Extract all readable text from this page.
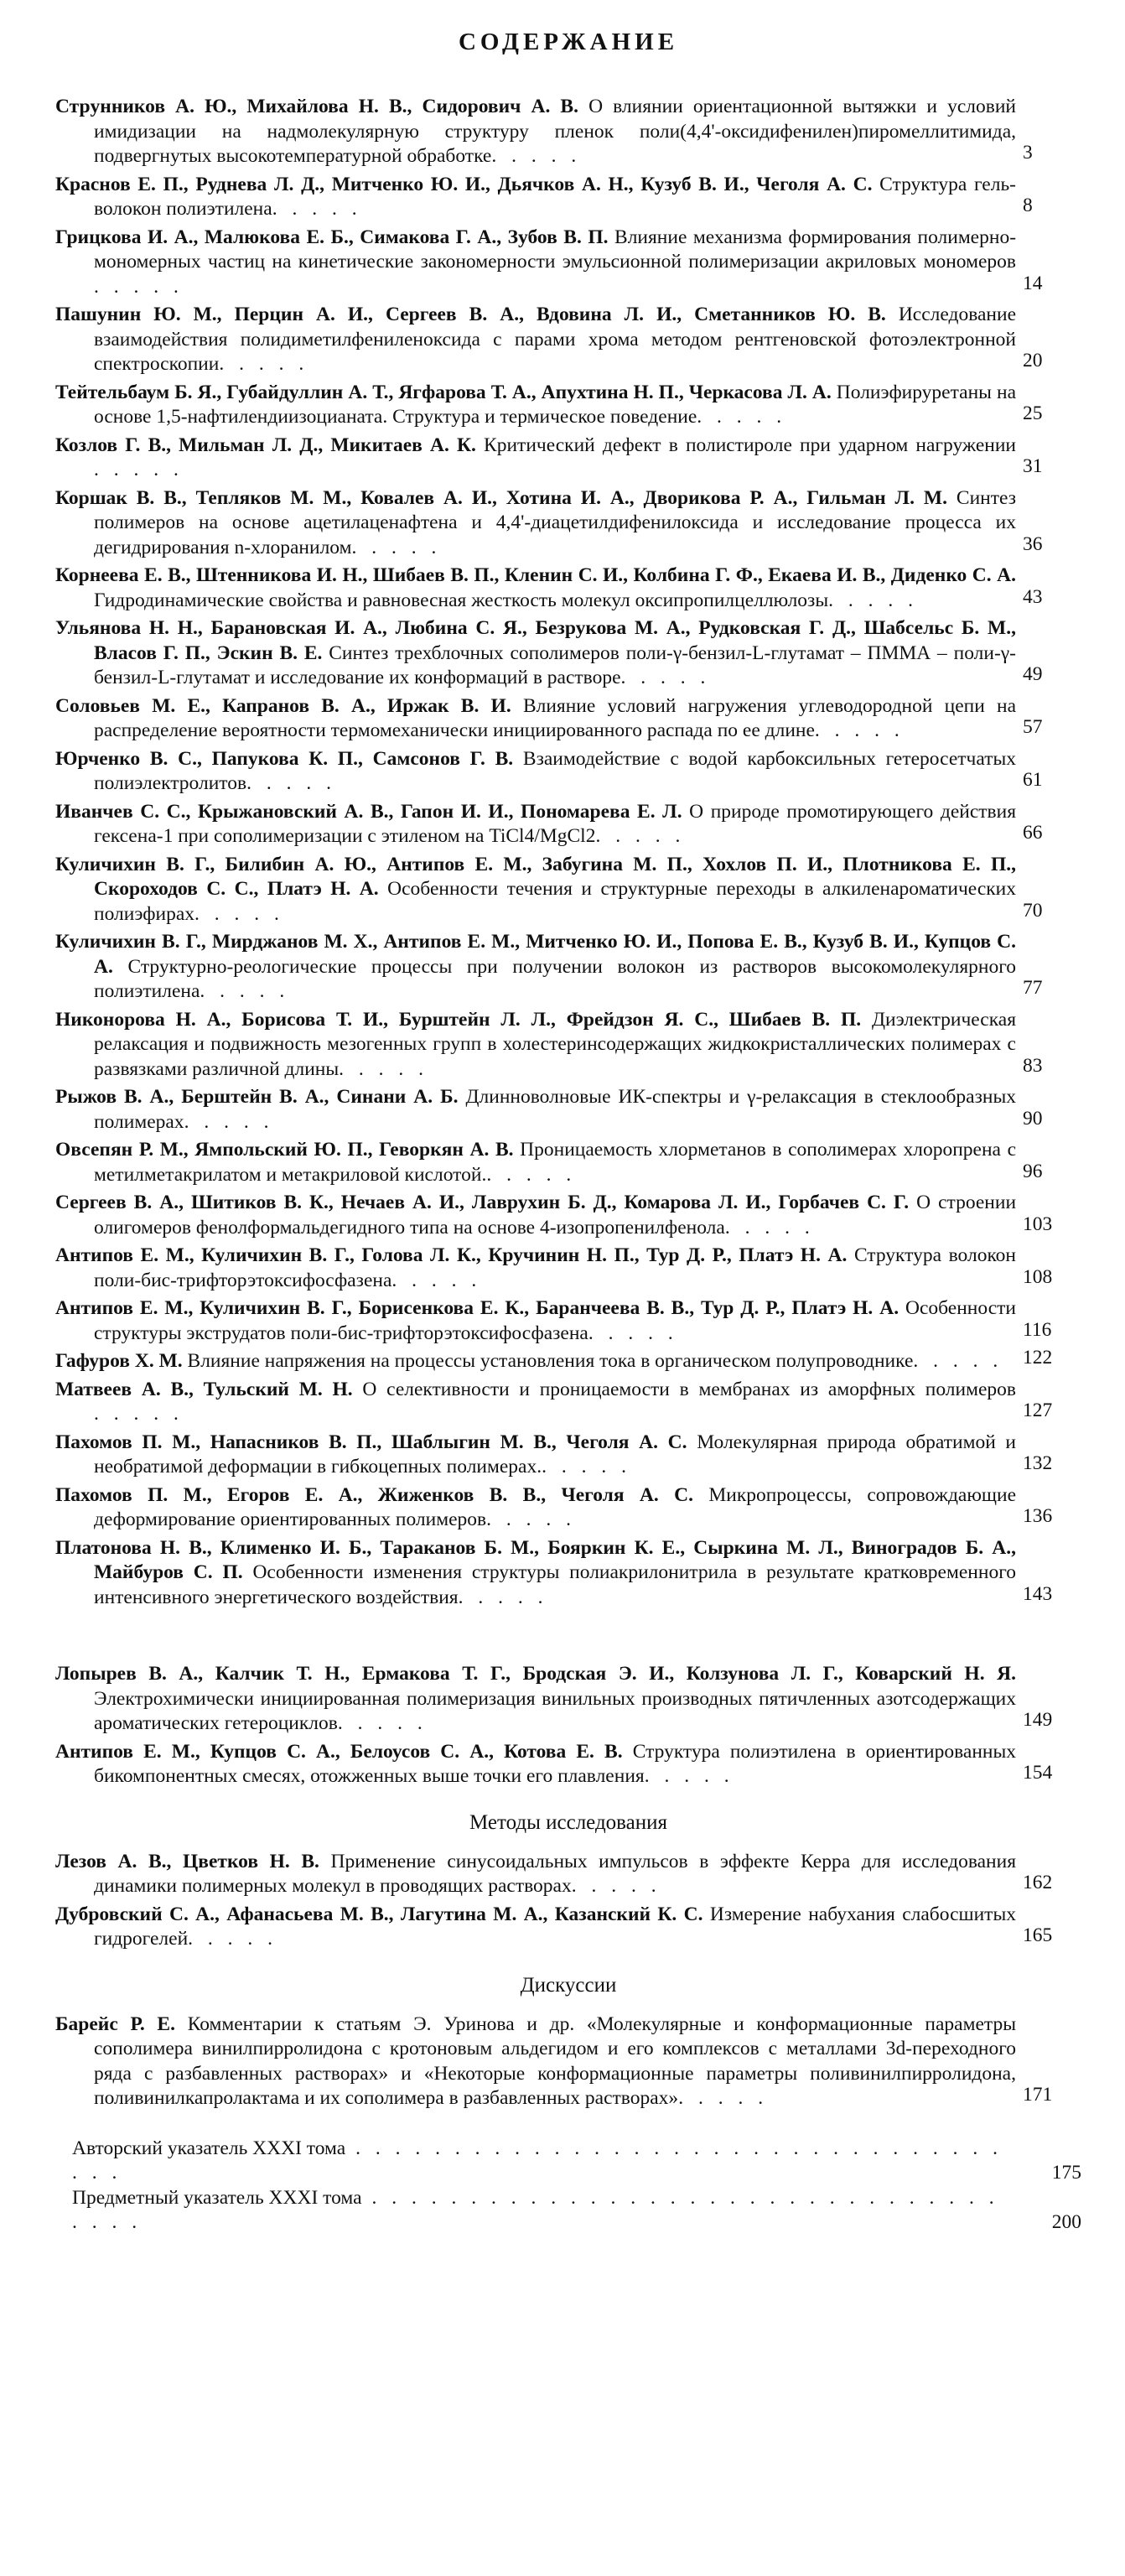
СОДЕРЖАНИЕ
Стрyнников А. Ю., Михайлова Н. В., Сидорович А. В. О влиянии ориентационной вытяжки и условий имидизации на надмолекулярную структуру пленок поли(4,4'-оксидифенилен)пиромеллитимида, подвергнутых высокотемпературной обработке. . . . .	3
Краснов Е. П., Руднева Л. Д., Митченко Ю. И., Дьячков А. Н., Кузуб В. И., Чеголя А. С. Структура гель-волокон полиэтилена. . . . .	8
Грицкова И. А., Малюкова Е. Б., Симакова Г. А., Зубов В. П. Влияние механизма формирования полимерно-мономерных частиц на кинетические закономерности эмульсионной полимеризации акриловых мономеров. . . . .	14
Пашунин Ю. М., Перцин А. И., Сергеев В. А., Вдовина Л. И., Сметанников Ю. В. Исследование взаимодействия полидиметилфениленоксида с парами хрома методом рентгеновской фотоэлектронной спектроскопии. . . . .	20
Тейтельбаум Б. Я., Губайдуллин А. Т., Ягфарова Т. А., Апухтина Н. П., Черкасова Л. А. Полиэфируретаны на основе 1,5-нафтилендиизоцианата. Структура и термическое поведение. . . . .	25
Козлов Г. В., Мильман Л. Д., Микитаев А. К. Критический дефект в полистироле при ударном нагружении. . . . .	31
Коршак В. В., Тепляков М. М., Ковалев А. И., Хотина И. А., Дворикова Р. А., Гильман Л. М. Синтез полимеров на основе ацетилаценафтена и 4,4'-диацетилдифенилоксида и исследование процесса их дегидрирования n-хлоранилом. . . . .	36
Корнеева Е. В., Штенникова И. Н., Шибаев В. П., Кленин С. И., Колбина Г. Ф., Екаева И. В., Диденко С. А. Гидродинамические свойства и равновесная жесткость молекул оксипропилцеллюлозы. . . . .	43
Ульянова Н. Н., Барановская И. А., Любина С. Я., Безрукова М. А., Рудковская Г. Д., Шабсельс Б. М., Власов Г. П., Эскин В. Е. Синтез трехблочных сополимеров поли-γ-бензил-L-глутамат – ПММА – поли-γ-бензил-L-глутамат и исследование их конформаций в растворе. . . . .	49
Соловьев М. Е., Капранов В. А., Иржак В. И. Влияние условий нагружения углеводородной цепи на распределение вероятности термомеханически инициированного распада по ее длине. . . . .	57
Юрченко В. С., Папукова К. П., Самсонов Г. В. Взаимодействие с водой карбоксильных гетеросетчатых полиэлектролитов. . . . .	61
Иванчев С. С., Крыжановский А. В., Гапон И. И., Пономарева Е. Л. О природе промотирующего действия гексена-1 при сополимеризации с этиленом на TiCl4/MgCl2. . . . .	66
Куличихин В. Г., Билибин А. Ю., Антипов Е. М., Забугина М. П., Хохлов П. И., Плотникова Е. П., Скороходов С. С., Платэ Н. А. Особенности течения и структурные переходы в алкиленароматических полиэфирах. . . . .	70
Куличихин В. Г., Мирджанов М. Х., Антипов Е. М., Митченко Ю. И., Попова Е. В., Кузуб В. И., Купцов С. А. Структурно-реологические процессы при получении волокон из растворов высокомолекулярного полиэтилена. . . . .	77
Никонорова Н. А., Борисова Т. И., Бурштейн Л. Л., Фрейдзон Я. С., Шибаев В. П. Диэлектрическая релаксация и подвижность мезогенных групп в холестеринсодержащих жидкокристаллических полимерах с развязками различной длины. . . . .	83
Рыжов В. А., Берштейн В. А., Синани А. Б. Длинноволновые ИК-спектры и γ-релаксация в стеклообразных полимерах. . . . .	90
Овсепян Р. М., Ямпольский Ю. П., Геворкян А. В. Проницаемость хлорметанов в сополимерах хлоропрена с метилметакрилатом и метакриловой кислотой.. . . . .	96
Сергеев В. А., Шитиков В. К., Нечаев А. И., Лаврухин Б. Д., Комарова Л. И., Горбачев С. Г. О строении олигомеров фенолформальдегидного типа на основе 4-изопропенилфенола. . . . .	103
Антипов Е. М., Куличихин В. Г., Голова Л. К., Кручинин Н. П., Тур Д. Р., Платэ Н. А. Структура волокон поли-бис-трифторэтоксифосфазена. . . . .	108
Антипов Е. М., Куличихин В. Г., Борисенкова Е. К., Баранчеева В. В., Тур Д. Р., Платэ Н. А. Особенности структуры экструдатов поли-бис-трифторэтоксифосфазена. . . . .	116
Гафуров Х. М. Влияние напряжения на процессы установления тока в органическом полупроводнике. . . . . 122
Матвеев А. В., Тульский М. Н. О селективности и проницаемости в мембранах из аморфных полимеров. . . . .	127
Пахомов П. М., Напасников В. П., Шаблыгин М. В., Чеголя А. С. Молекулярная природа обратимой и необратимой деформации в гибкоцепных полимерах.. . . . .	132
Пахомов П. М., Егоров Е. А., Жиженков В. В., Чеголя А. С. Микропроцессы, сопровождающие деформирование ориентированных полимеров. . . . .	136
Платонова Н. В., Клименко И. Б., Тараканов Б. М., Бояркин К. Е., Сыркина М. Л., Виноградов Б. А., Майбуров С. П. Особенности изменения структуры полиакрилонитрила в результате кратковременного интенсивного энергетического воздействия. . . . .	143
Лопырев В. А., Калчик Т. Н., Ермакова Т. Г., Бродская Э. И., Колзунова Л. Г., Коварский Н. Я. Электрохимически инициированная полимеризация винильных производных пятичленных азотсодержащих ароматических гетероциклов. . . . .	149
Антипов Е. М., Купцов С. А., Белоусов С. А., Котова Е. В. Структура полиэтилена в ориентированных бикомпонентных смесях, отожженных выше точки его плавления. . . . .	154
Методы исследования
Лезов А. В., Цветков Н. В. Применение синусоидальных импульсов в эффекте Керра для исследования динамики полимерных молекул в проводящих растворах. . . . .	162
Дубровский С. А., Афанасьева М. В., Лагутина М. А., Казанский К. С. Измерение набухания слабосшитых гидрогелей. . . . .	165
Дискуссии
Барейс Р. Е. Комментарии к статьям Э. Уринова и др. «Молекулярные и конформационные параметры сополимера винилпирролидона с кротоновым альдегидом и его комплексов с металлами 3d-переходного ряда с разбавленных растворах» и «Некоторые конформационные параметры поливинилпирролидона, поливинилкапролактама и их сополимера в разбавленных растворах». . . . .	171
Авторский указатель XXXI тома . . . . . . . . . . . . . . . . . . . . . . . . . . . . . . . . . . . .	175
Предметный указатель XXXI тома . . . . . . . . . . . . . . . . . . . . . . . . . . . . . . . . . . . .	200
